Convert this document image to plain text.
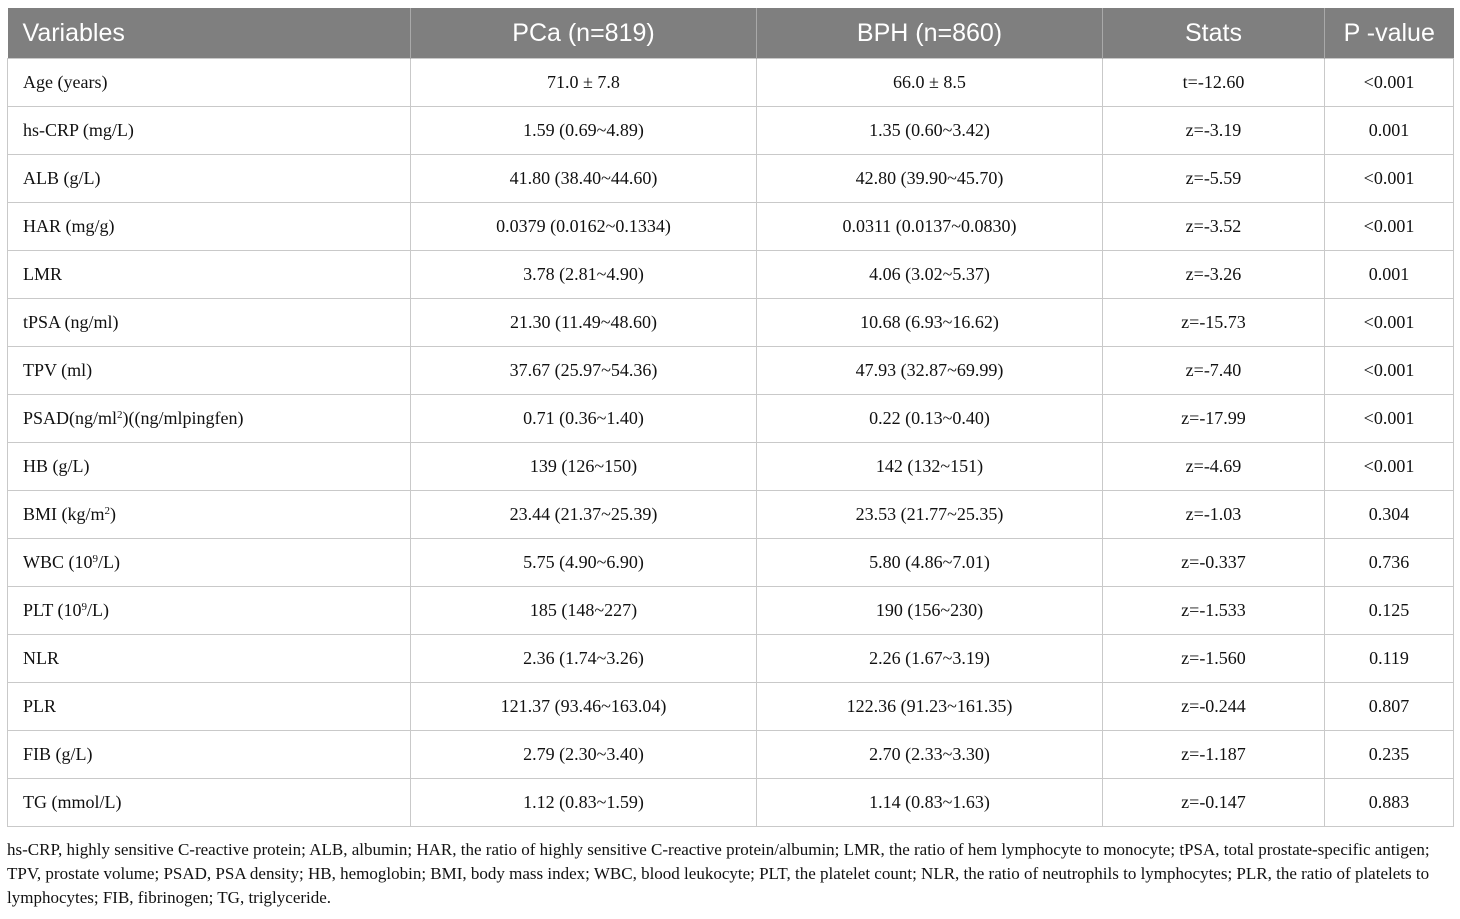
Variables	PCa (n=819)	BPH (n=860)	Stats	P -value
Age (years)	71.0 ± 7.8	66.0 ± 8.5	t=-12.60	<0.001
hs-CRP (mg/L)	1.59 (0.69~4.89)	1.35 (0.60~3.42)	z=-3.19	0.001
ALB (g/L)	41.80 (38.40~44.60)	42.80 (39.90~45.70)	z=-5.59	<0.001
HAR (mg/g)	0.0379 (0.0162~0.1334)	0.0311 (0.0137~0.0830)	z=-3.52	<0.001
LMR	3.78 (2.81~4.90)	4.06 (3.02~5.37)	z=-3.26	0.001
tPSA (ng/ml)	21.30 (11.49~48.60)	10.68 (6.93~16.62)	z=-15.73	<0.001
TPV (ml)	37.67 (25.97~54.36)	47.93 (32.87~69.99)	z=-7.40	<0.001
$PSAD(ng/ml^2)((ng/mlpingfen)$	0.71 (0.36~1.40)	0.22 (0.13~0.40)	z=-17.99	<0.001
HB (g/L)	139 (126~150)	142 (132~151)	z=-4.69	<0.001
BMI $(kg/m^2)$	23.44 (21.37~25.39)	23.53 (21.77~25.35)	z=-1.03	0.304
WBC $(10^9/L)$	5.75 (4.90~6.90)	5.80 (4.86~7.01)	z=-0.337	0.736
PLT $(10^9/L)$	185 (148~227)	190 (156~230)	z=-1.533	0.125
NLR	2.36 (1.74~3.26)	2.26 (1.67~3.19)	z=-1.560	0.119
PLR	121.37 (93.46~163.04)	122.36 (91.23~161.35)	z=-0.244	0.807
FIB (g/L)	2.79 (2.30~3.40)	2.70 (2.33~3.30)	z=-1.187	0.235
TG (mmol/L)	1.12 (0.83~1.59)	1.14 (0.83~1.63)	z=-0.147	0.883

hs-CRP, highly sensitive C-reactive protein; ALB, albumin; HAR, the ratio of highly sensitive C-reactive protein/albumin; LMR, the ratio of hem lymphocyte to monocyte; tPSA, total prostate-specific antigen; TPV, prostate volume; PSAD, PSA density; HB, hemoglobin; BMI, body mass index; WBC, blood leukocyte; PLT, the platelet count; NLR, the ratio of neutrophils to lymphocytes; PLR, the ratio of platelets to lymphocytes; FIB, fibrinogen; TG, triglyceride.
